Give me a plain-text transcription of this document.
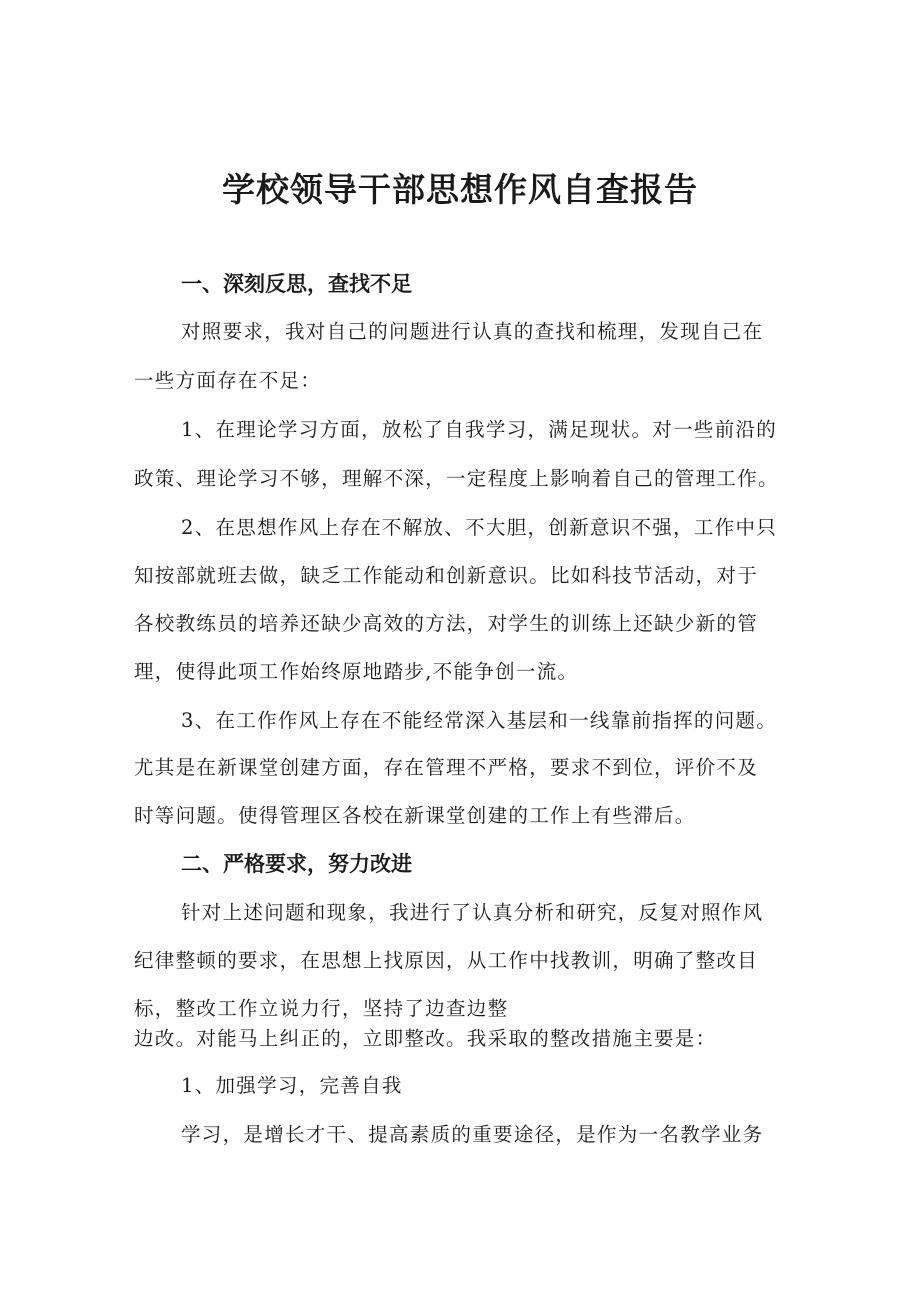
学校领导干部思想作风自查报告
一、深刻反思，查找不足
对照要求，我对自己的问题进行认真的查找和梳理，发现自己在
一些方面存在不足：
1、在理论学习方面，放松了自我学习，满足现状。对一些前沿的
政策、理论学习不够，理解不深，一定程度上影响着自己的管理工作。
2、在思想作风上存在不解放、不大胆，创新意识不强，工作中只
知按部就班去做，缺乏工作能动和创新意识。比如科技节活动，对于
各校教练员的培养还缺少高效的方法，对学生的训练上还缺少新的管
理，使得此项工作始终原地踏步,不能争创一流。
3、在工作作风上存在不能经常深入基层和一线靠前指挥的问题。
尤其是在新课堂创建方面，存在管理不严格，要求不到位，评价不及
时等问题。使得管理区各校在新课堂创建的工作上有些滞后。
二、严格要求，努力改进
针对上述问题和现象，我进行了认真分析和研究，反复对照作风
纪律整顿的要求，在思想上找原因，从工作中找教训，明确了整改目
标，整改工作立说力行，坚持了边查边整
边改。对能马上纠正的，立即整改。我采取的整改措施主要是：
1、加强学习，完善自我
学习，是增长才干、提高素质的重要途径，是作为一名教学业务
